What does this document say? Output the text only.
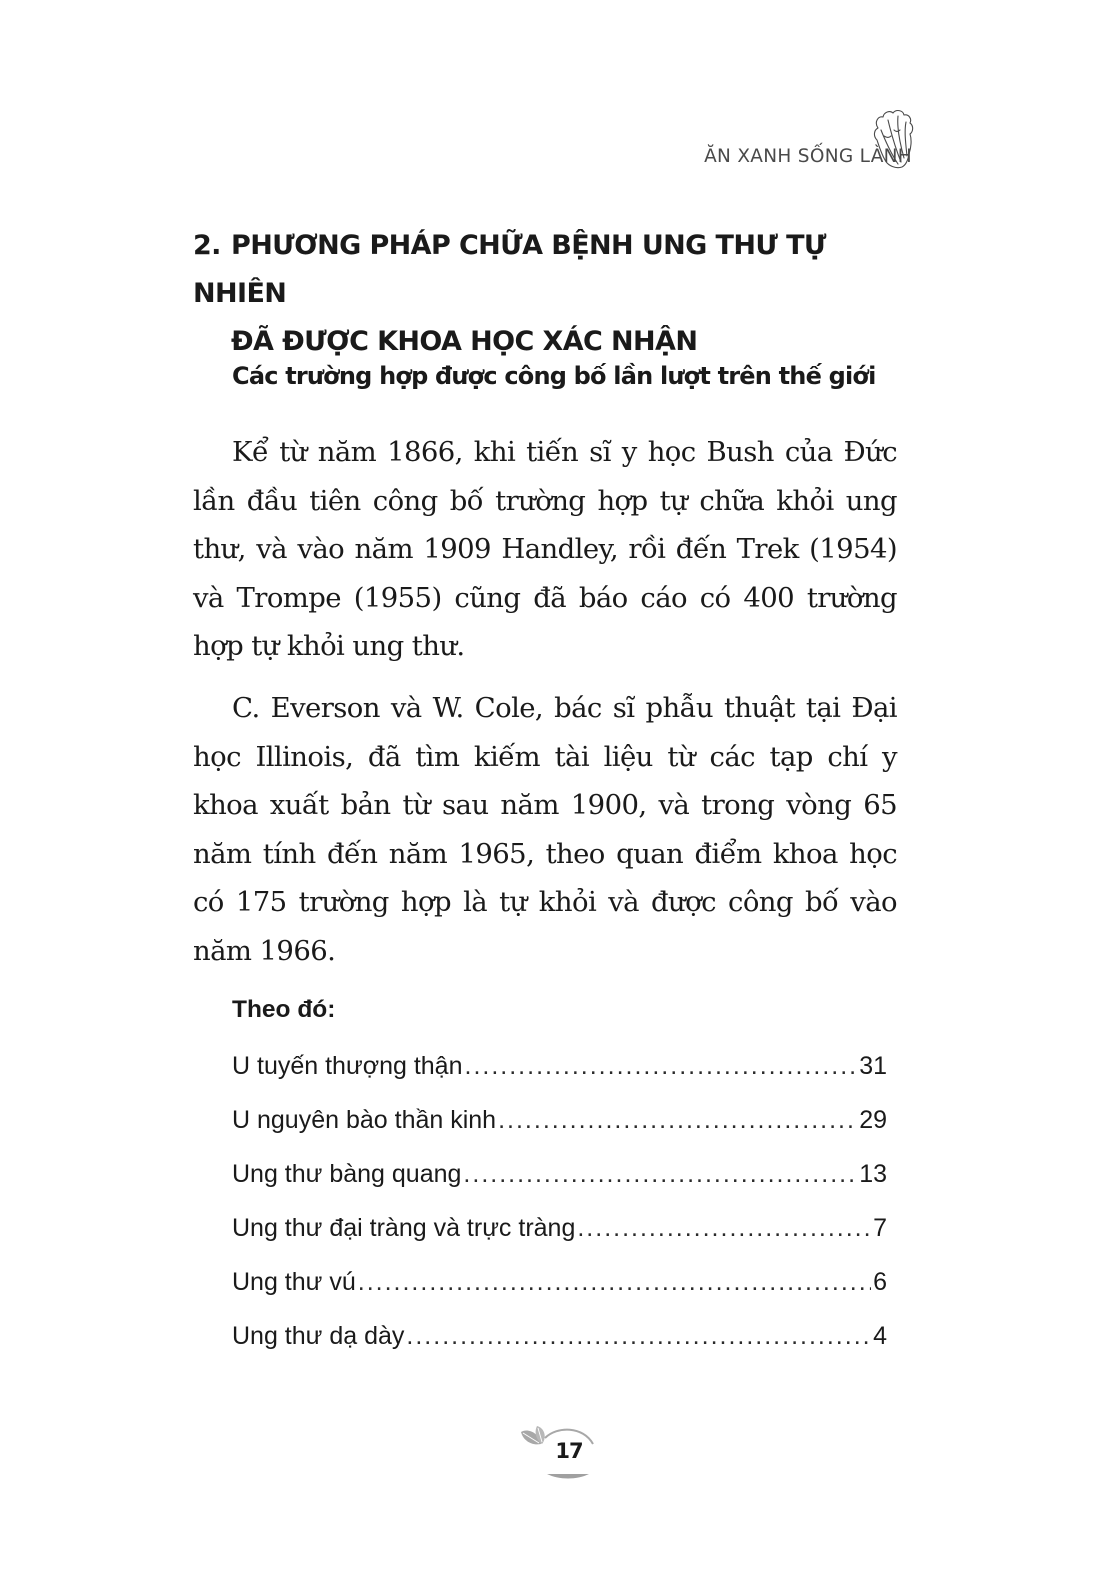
ĂN XANH SỐNG LÀNH
2. PHƯƠNG PHÁP CHỮA BỆNH UNG THƯ TỰ NHIÊN
ĐÃ ĐƯỢC KHOA HỌC XÁC NHẬN
Các trường hợp được công bố lần lượt trên thế giới

Kể từ năm 1866, khi tiến sĩ y học Bush của Đức lần đầu tiên công bố trường hợp tự chữa khỏi ung thư, và vào năm 1909 Handley, rồi đến Trek (1954) và Trompe (1955) cũng đã báo cáo có 400 trường hợp tự khỏi ung thư.

C. Everson và W. Cole, bác sĩ phẫu thuật tại Đại học Illinois, đã tìm kiếm tài liệu từ các tạp chí y khoa xuất bản từ sau năm 1900, và trong vòng 65 năm tính đến năm 1965, theo quan điểm khoa học có 175 trường hợp là tự khỏi và được công bố vào năm 1966.

Theo đó:
U tuyến thượng thận .....	31
U nguyên bào thần kinh .....	29
Ung thư bàng quang .....	13
Ung thư đại tràng và trực tràng .....	7
Ung thư vú .....	6
Ung thư dạ dày .....	4
17
